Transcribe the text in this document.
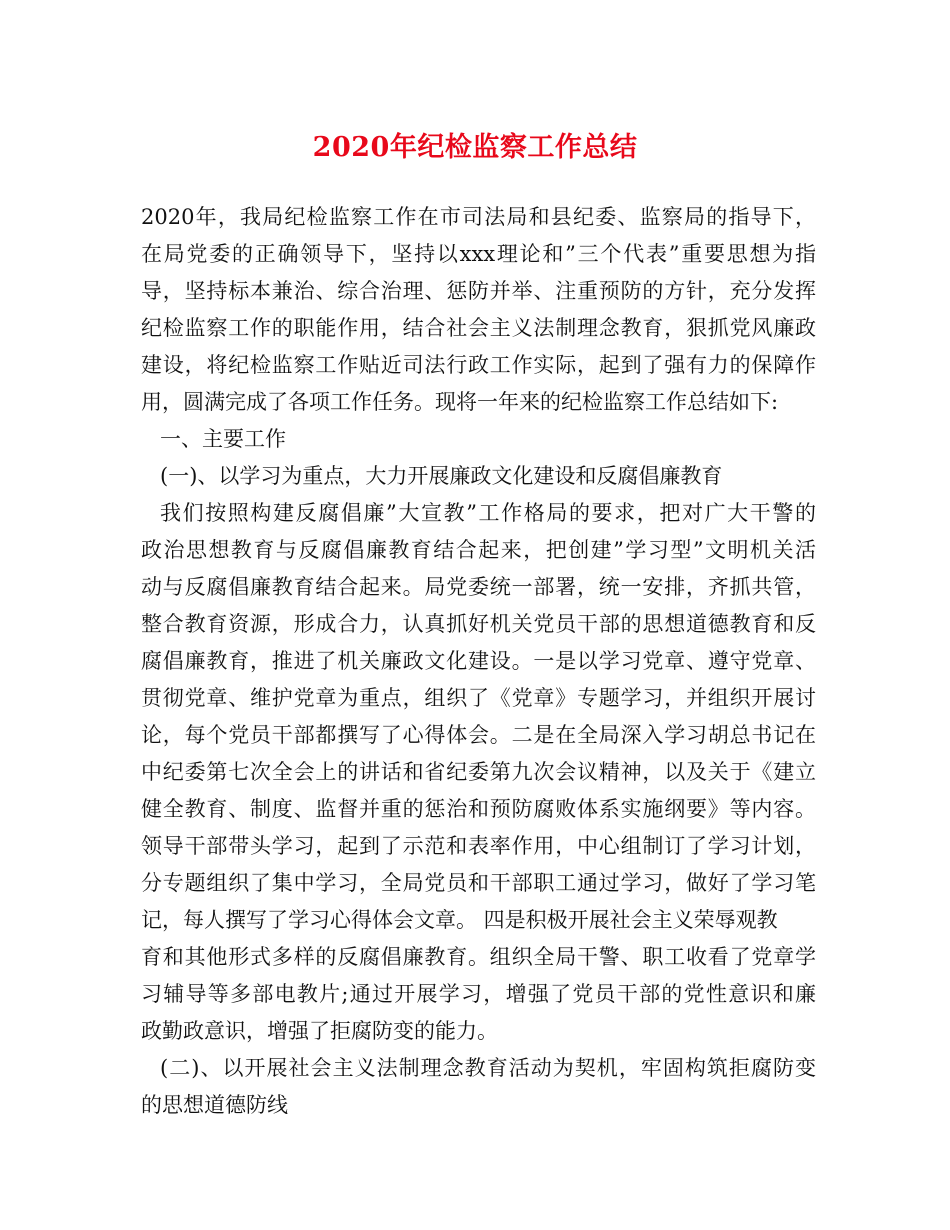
2020年纪检监察工作总结
2020年，我局纪检监察工作在市司法局和县纪委、监察局的指导下，
在局党委的正确领导下，坚持以xxx理论和”三个代表”重要思想为指
导，坚持标本兼治、综合治理、惩防并举、注重预防的方针，充分发挥
纪检监察工作的职能作用，结合社会主义法制理念教育，狠抓党风廉政
建设，将纪检监察工作贴近司法行政工作实际，起到了强有力的保障作
用，圆满完成了各项工作任务。现将一年来的纪检监察工作总结如下:
一、主要工作
(一)、以学习为重点，大力开展廉政文化建设和反腐倡廉教育
我们按照构建反腐倡廉”大宣教”工作格局的要求，把对广大干警的
政治思想教育与反腐倡廉教育结合起来，把创建”学习型”文明机关活
动与反腐倡廉教育结合起来。局党委统一部署，统一安排，齐抓共管，
整合教育资源，形成合力，认真抓好机关党员干部的思想道德教育和反
腐倡廉教育，推进了机关廉政文化建设。一是以学习党章、遵守党章、
贯彻党章、维护党章为重点，组织了《党章》专题学习，并组织开展讨
论，每个党员干部都撰写了心得体会。二是在全局深入学习胡总书记在
中纪委第七次全会上的讲话和省纪委第九次会议精神，以及关于《建立
健全教育、制度、监督并重的惩治和预防腐败体系实施纲要》等内容。
领导干部带头学习，起到了示范和表率作用，中心组制订了学习计划，
分专题组织了集中学习，全局党员和干部职工通过学习，做好了学习笔
记，每人撰写了学习心得体会文章。 四是积极开展社会主义荣辱观教
育和其他形式多样的反腐倡廉教育。组织全局干警、职工收看了党章学
习辅导等多部电教片;通过开展学习，增强了党员干部的党性意识和廉
政勤政意识，增强了拒腐防变的能力。
(二)、以开展社会主义法制理念教育活动为契机，牢固构筑拒腐防变
的思想道德防线
